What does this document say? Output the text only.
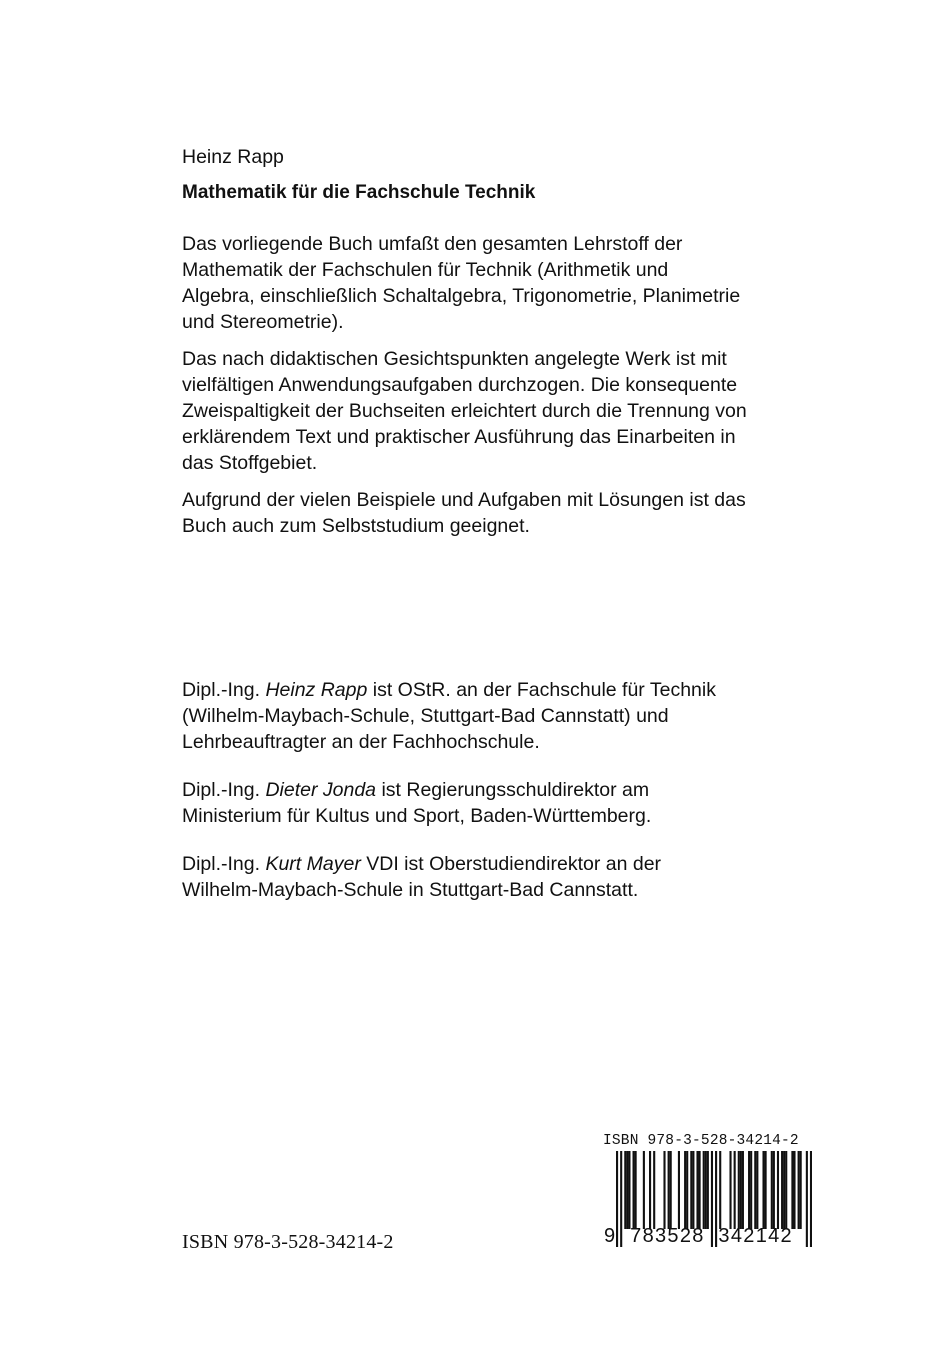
Heinz Rapp
Mathematik für die Fachschule Technik
Das vorliegende Buch umfaßt den gesamten Lehrstoff der
Mathematik der Fachschulen für Technik (Arithmetik und
Algebra, einschließlich Schaltalgebra, Trigonometrie, Planimetrie
und Stereometrie).
Das nach didaktischen Gesichtspunkten angelegte Werk ist mit
vielfältigen Anwendungsaufgaben durchzogen. Die konsequente
Zweispaltigkeit der Buchseiten erleichtert durch die Trennung von
erklärendem Text und praktischer Ausführung das Einarbeiten in
das Stoffgebiet.
Aufgrund der vielen Beispiele und Aufgaben mit Lösungen ist das
Buch auch zum Selbststudium geeignet.
Dipl.-Ing. Heinz Rapp ist OStR. an der Fachschule für Technik
(Wilhelm-Maybach-Schule, Stuttgart-Bad Cannstatt) und
Lehrbeauftragter an der Fachhochschule.
Dipl.-Ing. Dieter Jonda ist Regierungsschuldirektor am
Ministerium für Kultus und Sport, Baden-Württemberg.
Dipl.-Ing. Kurt Mayer VDI ist Oberstudiendirektor an der
Wilhelm-Maybach-Schule in Stuttgart-Bad Cannstatt.
ISBN 978-3-528-34214-2
ISBN 978-3-528-34214-2
9 783528 342142
